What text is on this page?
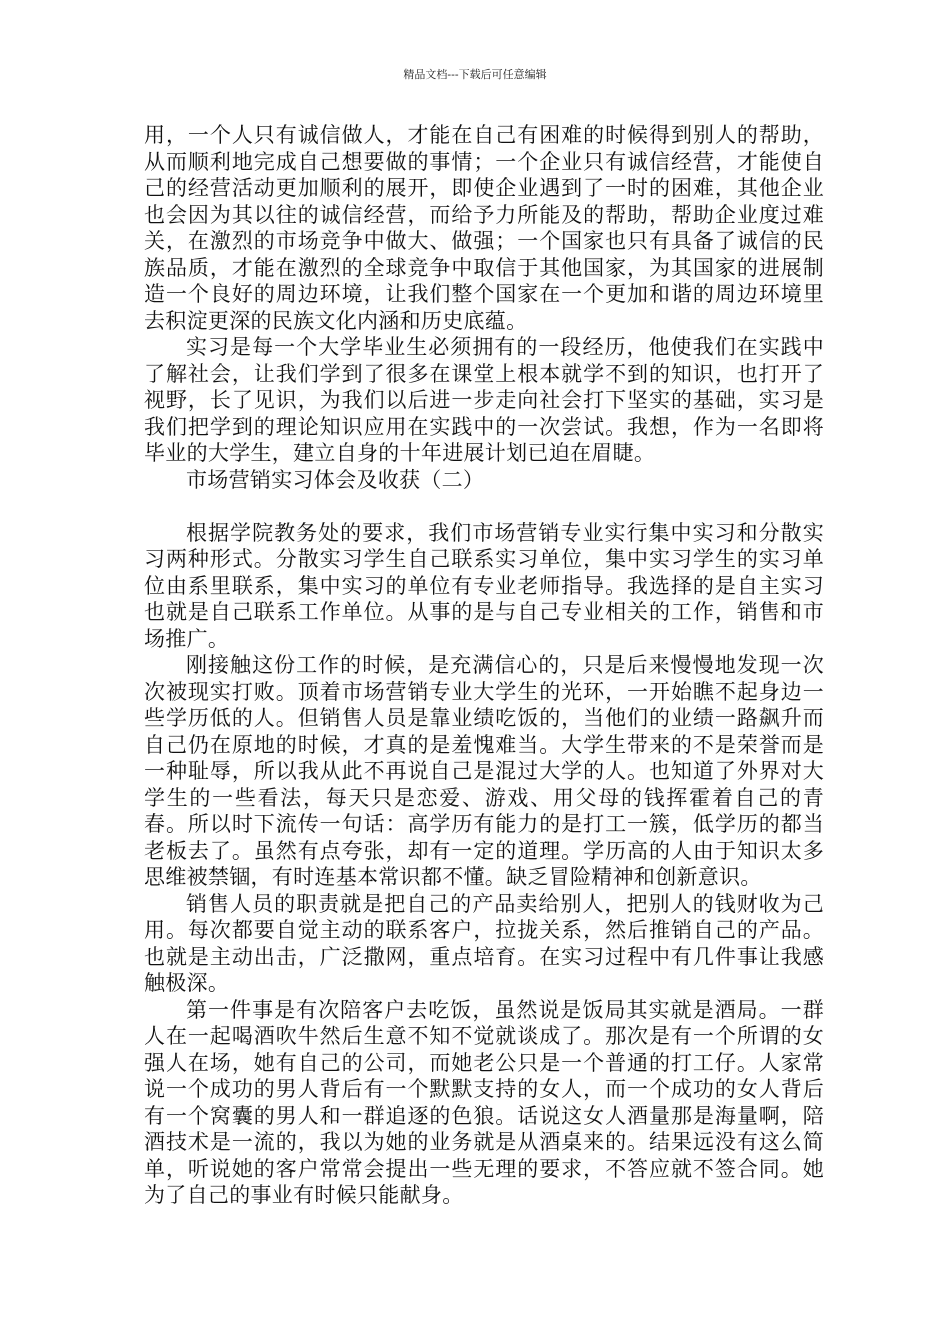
精品文档---下载后可任意编辑

用，一个人只有诚信做人，才能在自己有困难的时候得到别人的帮助，从而顺利地完成自己想要做的事情；一个企业只有诚信经营，才能使自己的经营活动更加顺利的展开，即使企业遇到了一时的困难，其他企业也会因为其以往的诚信经营，而给予力所能及的帮助，帮助企业度过难关，在激烈的市场竞争中做大、做强；一个国家也只有具备了诚信的民族品质，才能在激烈的全球竞争中取信于其他国家，为其国家的进展制造一个良好的周边环境，让我们整个国家在一个更加和谐的周边环境里去积淀更深的民族文化内涵和历史底蕴。

实习是每一个大学毕业生必须拥有的一段经历，他使我们在实践中了解社会，让我们学到了很多在课堂上根本就学不到的知识，也打开了视野，长了见识，为我们以后进一步走向社会打下坚实的基础，实习是我们把学到的理论知识应用在实践中的一次尝试。我想，作为一名即将毕业的大学生，建立自身的十年进展计划已迫在眉睫。

市场营销实习体会及收获（二）

根据学院教务处的要求，我们市场营销专业实行集中实习和分散实习两种形式。分散实习学生自己联系实习单位，集中实习学生的实习单位由系里联系，集中实习的单位有专业老师指导。我选择的是自主实习也就是自己联系工作单位。从事的是与自己专业相关的工作，销售和市场推广。

刚接触这份工作的时候，是充满信心的，只是后来慢慢地发现一次次被现实打败。顶着市场营销专业大学生的光环，一开始瞧不起身边一些学历低的人。但销售人员是靠业绩吃饭的，当他们的业绩一路飙升而自己仍在原地的时候，才真的是羞愧难当。大学生带来的不是荣誉而是一种耻辱，所以我从此不再说自己是混过大学的人。也知道了外界对大学生的一些看法，每天只是恋爱、游戏、用父母的钱挥霍着自己的青春。所以时下流传一句话：高学历有能力的是打工一簇，低学历的都当老板去了。虽然有点夸张，却有一定的道理。学历高的人由于知识太多思维被禁锢，有时连基本常识都不懂。缺乏冒险精神和创新意识。

销售人员的职责就是把自己的产品卖给别人，把别人的钱财收为己用。每次都要自觉主动的联系客户，拉拢关系，然后推销自己的产品。也就是主动出击，广泛撒网，重点培育。在实习过程中有几件事让我感触极深。

第一件事是有次陪客户去吃饭，虽然说是饭局其实就是酒局。一群人在一起喝酒吹牛然后生意不知不觉就谈成了。那次是有一个所谓的女强人在场，她有自己的公司，而她老公只是一个普通的打工仔。人家常说一个成功的男人背后有一个默默支持的女人，而一个成功的女人背后有一个窝囊的男人和一群追逐的色狼。话说这女人酒量那是海量啊，陪酒技术是一流的，我以为她的业务就是从酒桌来的。结果远没有这么简单，听说她的客户常常会提出一些无理的要求，不答应就不签合同。她为了自己的事业有时候只能献身。
